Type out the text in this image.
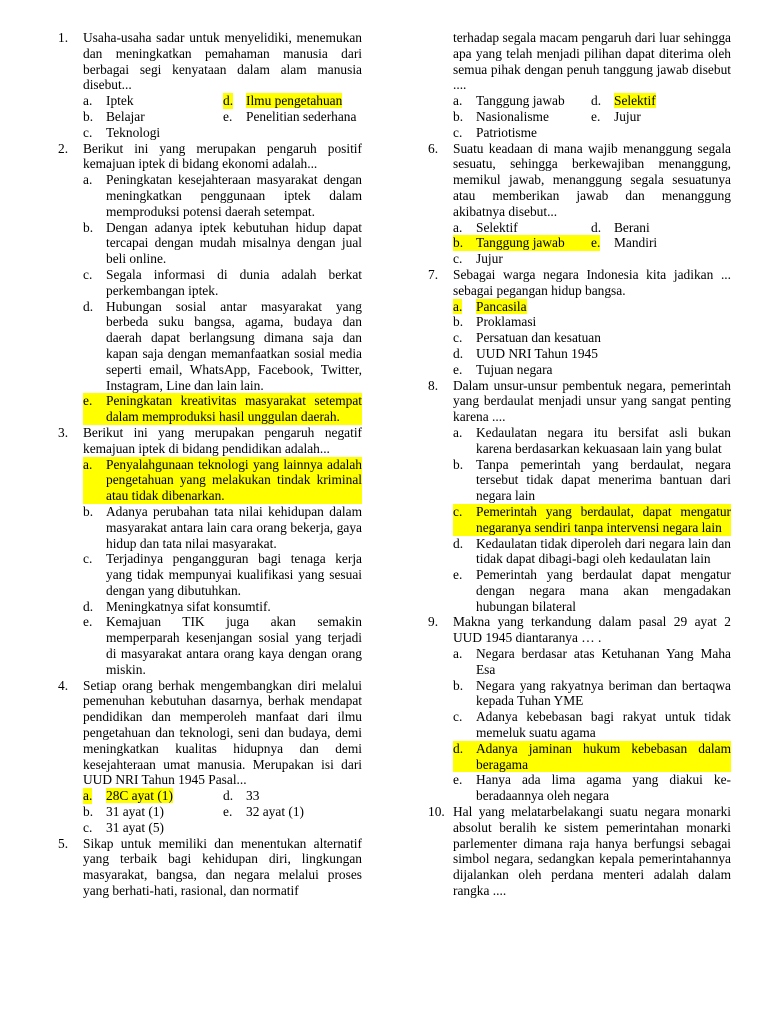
1. Usaha-usaha sadar untuk menyelidiki, menemukan dan meningkatkan pemahaman manusia dari berbagai segi kenyataan dalam alam manusia disebut...
a. Iptek	d. Ilmu pengetahuan
b. Belajar	e. Penelitian sederhana
c. Teknologi
2. Berikut ini yang merupakan pengaruh positif kemajuan iptek di bidang ekonomi adalah...
a. Peningkatan kesejahteraan masyarakat dengan meningkatkan penggunaan iptek dalam memproduksi potensi daerah setempat.
b. Dengan adanya iptek kebutuhan hidup dapat tercapai dengan mudah misalnya dengan jual beli online.
c. Segala informasi di dunia adalah berkat perkembangan iptek.
d. Hubungan sosial antar masyarakat yang berbeda suku bangsa, agama, budaya dan daerah dapat berlangsung dimana saja dan kapan saja dengan memanfaatkan sosial media seperti email, WhatsApp, Facebook, Twitter, Instagram, Line dan lain lain.
e. Peningkatan kreativitas masyarakat setempat dalam memproduksi hasil unggulan daerah.
3. Berikut ini yang merupakan pengaruh negatif kemajuan iptek di bidang pendidikan adalah...
a. Penyalahgunaan teknologi yang lainnya adalah pengetahuan yang melakukan tindak kriminal atau tidak dibenarkan.
b. Adanya perubahan tata nilai kehidupan dalam masyarakat antara lain cara orang bekerja, gaya hidup dan tata nilai masyarakat.
c. Terjadinya pengangguran bagi tenaga kerja yang tidak mempunyai kualifikasi yang sesuai dengan yang dibutuhkan.
d. Meningkatnya sifat konsumtif.
e. Kemajuan TIK juga akan semakin memperparah kesenjangan sosial yang terjadi di masyarakat antara orang kaya dengan orang miskin.
4. Setiap orang berhak mengembangkan diri melalui pemenuhan kebutuhan dasarnya, berhak mendapat pendidikan dan memperoleh manfaat dari ilmu pengetahuan dan teknologi, seni dan budaya, demi meningkatkan kualitas hidupnya dan demi kesejahteraan umat manusia. Merupakan isi dari UUD NRI Tahun 1945 Pasal...
a. 28C ayat (1)	d. 33
b. 31 ayat (1)	e. 32 ayat (1)
c. 31 ayat (5)
5. Sikap untuk memiliki dan menentukan alternatif yang terbaik bagi kehidupan diri, lingkungan masyarakat, bangsa, dan negara melalui proses yang berhati-hati, rasional, dan normatif
terhadap segala macam pengaruh dari luar sehingga apa yang telah menjadi pilihan dapat diterima oleh semua pihak dengan penuh tanggung jawab disebut ....
a. Tanggung jawab	d. Selektif
b. Nasionalisme	e. Jujur
c. Patriotisme
6. Suatu keadaan di mana wajib menanggung segala sesuatu, sehingga berkewajiban menanggung, memikul jawab, menanggung segala sesuatunya atau memberikan jawab dan menanggung akibatnya disebut...
a. Selektif	d. Berani
b. Tanggung jawab	e. Mandiri
c. Jujur
7. Sebagai warga negara Indonesia kita jadikan ... sebagai pegangan hidup bangsa.
a. Pancasila
b. Proklamasi
c. Persatuan dan kesatuan
d. UUD NRI Tahun 1945
e. Tujuan negara
8. Dalam unsur-unsur pembentuk negara, pemerintah yang berdaulat menjadi unsur yang sangat penting karena ....
a. Kedaulatan negara itu bersifat asli bukan karena berdasarkan kekuasaan lain yang bulat
b. Tanpa pemerintah yang berdaulat, negara tersebut tidak dapat menerima bantuan dari negara lain
c. Pemerintah yang berdaulat, dapat mengatur negaranya sendiri tanpa intervensi negara lain
d. Kedaulatan tidak diperoleh dari negara lain dan tidak dapat dibagi-bagi oleh kedaulatan lain
e. Pemerintah yang berdaulat dapat mengatur dengan negara mana akan mengadakan hubungan bilateral
9. Makna yang terkandung dalam pasal 29 ayat 2 UUD 1945 diantaranya … .
a. Negara berdasar atas Ketuhanan Yang Maha Esa
b. Negara yang rakyatnya beriman dan bertaqwa kepada Tuhan YME
c. Adanya kebebasan bagi rakyat untuk tidak memeluk suatu agama
d. Adanya jaminan hukum kebebasan dalam beragama
e. Hanya ada lima agama yang diakui ke-beradaannya oleh negara
10. Hal yang melatarbelakangi suatu negara monarki absolut beralih ke sistem pemerintahan monarki parlementer dimana raja hanya berfungsi sebagai simbol negara, sedangkan kepala pemerintahannya dijalankan oleh perdana menteri adalah dalam rangka ....
